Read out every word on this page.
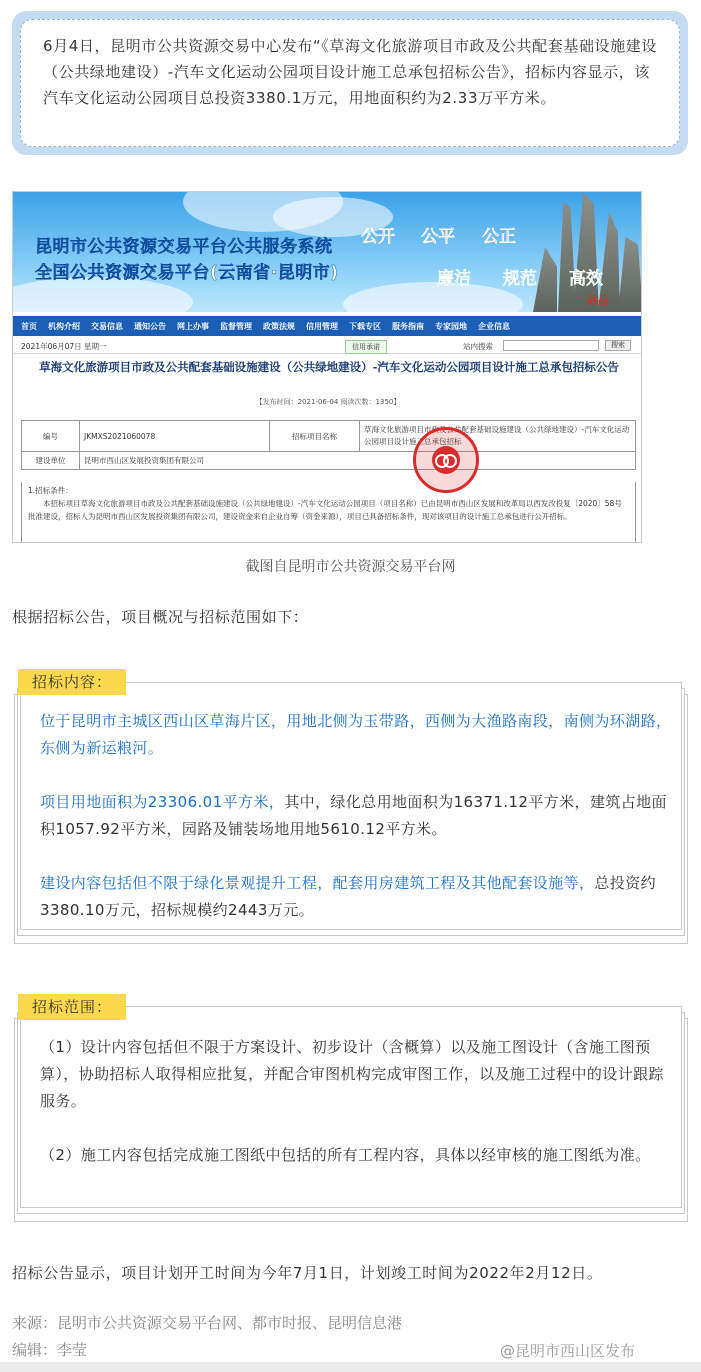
6月4日，昆明市公共资源交易中心发布“《草海文化旅游项目市政及公共配套基础设施建设（公共绿地建设）-汽车文化运动公园项目设计施工总承包招标公告》，招标内容显示，该汽车文化运动公园项目总投资3380.1万元，用地面积约为2.33万平方米。

昆明市公共资源交易平台公共服务系统
全国公共资源交易平台(云南省·昆明市)
公开 公平 公正
廉洁 规范 高效
林品
首页 机构介绍 交易信息 通知公告 网上办事 监督管理 政策法规 信用管理 下载专区 服务指南 专家园地 企业信息
2021年06月07日 星期一	信用承诺	站内搜索	搜索
草海文化旅游项目市政及公共配套基础设施建设（公共绿地建设）-汽车文化运动公园项目设计施工总承包招标公告
【发布时间：2021-06-04 阅读次数：1350】
编号	JKMXS2021060078	招标项目名称	草海文化旅游项目市政及公共配套基础设施建设（公共绿地建设）-汽车文化运动公园项目设计施工总承包招标
建设单位	昆明市西山区发展投资集团有限公司		
1.招标条件：
本招标项目草海文化旅游项目市政及公共配套基础设施建设（公共绿地建设）-汽车文化运动公园项目（项目名称）已由昆明市西山区发展和改革局以西发改投复〔2020〕58号批准建设，招标人为昆明市西山区发展投资集团有限公司，建设资金来自企业自筹（资金来源），项目已具备招标条件，现对该项目的设计施工总承包进行公开招标。
截图自昆明市公共资源交易平台网
根据招标公告，项目概况与招标范围如下：
招标内容：
位于昆明市主城区西山区草海片区，用地北侧为玉带路，西侧为大渔路南段，南侧为环湖路，东侧为新运粮河。
项目用地面积为23306.01平方米，其中，绿化总用地面积为16371.12平方米，建筑占地面积1057.92平方米，园路及铺装场地用地5610.12平方米。
建设内容包括但不限于绿化景观提升工程，配套用房建筑工程及其他配套设施等，总投资约3380.10万元，招标规模约2443万元。
招标范围：
（1）设计内容包括但不限于方案设计、初步设计（含概算）以及施工图设计（含施工图预算），协助招标人取得相应批复，并配合审图机构完成审图工作，以及施工过程中的设计跟踪服务。
（2）施工内容包括完成施工图纸中包括的所有工程内容，具体以经审核的施工图纸为准。
招标公告显示，项目计划开工时间为今年7月1日，计划竣工时间为2022年2月12日。
来源：昆明市公共资源交易平台网、都市时报、昆明信息港
编辑：李莹	@昆明市西山区发布
